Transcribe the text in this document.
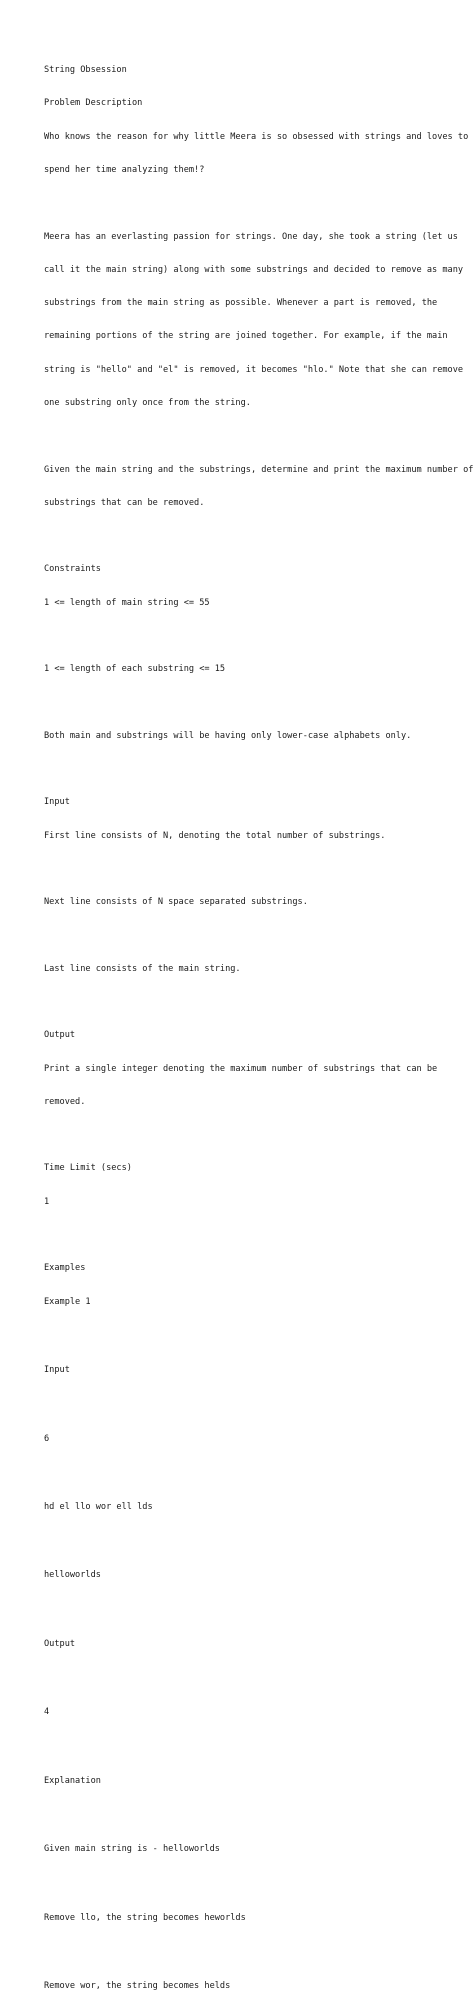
String Obsession

Problem Description

Who knows the reason for why little Meera is so obsessed with strings and loves to

spend her time analyzing them!?

Meera has an everlasting passion for strings. One day, she took a string (let us

call it the main string) along with some substrings and decided to remove as many

substrings from the main string as possible. Whenever a part is removed, the

remaining portions of the string are joined together. For example, if the main

string is "hello" and "el" is removed, it becomes "hlo." Note that she can remove

one substring only once from the string.

Given the main string and the substrings, determine and print the maximum number of

substrings that can be removed.

Constraints

1 <= length of main string <= 55

1 <= length of each substring <= 15

Both main and substrings will be having only lower-case alphabets only.

Input

First line consists of N, denoting the total number of substrings.

Next line consists of N space separated substrings.

Last line consists of the main string.

Output

Print a single integer denoting the maximum number of substrings that can be

removed.

Time Limit (secs)

1

Examples

Example 1

Input

6

hd el llo wor ell lds

helloworlds

Output

4

Explanation

Given main string is - helloworlds

Remove llo, the string becomes heworlds

Remove wor, the string becomes helds
